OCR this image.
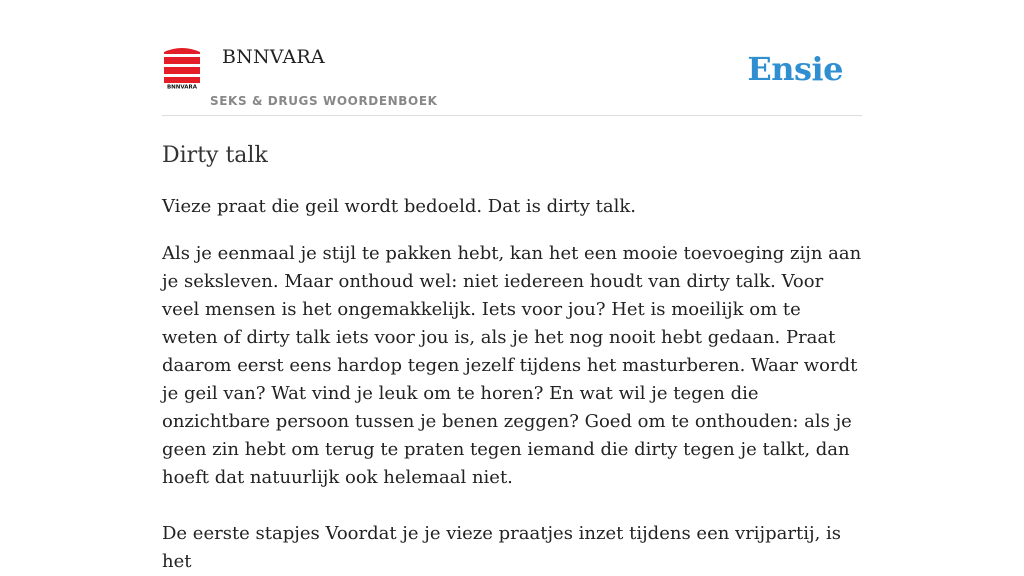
BNNVARA
BNNVARA
SEKS & DRUGS WOORDENBOEK
Ensie
Dirty talk

Vieze praat die geil wordt bedoeld. Dat is dirty talk.

Als je eenmaal je stijl te pakken hebt, kan het een mooie toevoeging zijn aan je seksleven. Maar onthoud wel: niet iedereen houdt van dirty talk. Voor veel mensen is het ongemakkelijk. Iets voor jou? Het is moeilijk om te weten of dirty talk iets voor jou is, als je het nog nooit hebt gedaan. Praat daarom eerst eens hardop tegen jezelf tijdens het masturberen. Waar wordt je geil van? Wat vind je leuk om te horen? En wat wil je tegen die onzichtbare persoon tussen je benen zeggen? Goed om te onthouden: als je geen zin hebt om terug te praten tegen iemand die dirty tegen je talkt, dan hoeft dat natuurlijk ook helemaal niet.

De eerste stapjes Voordat je je vieze praatjes inzet tijdens een vrijpartij, is het
